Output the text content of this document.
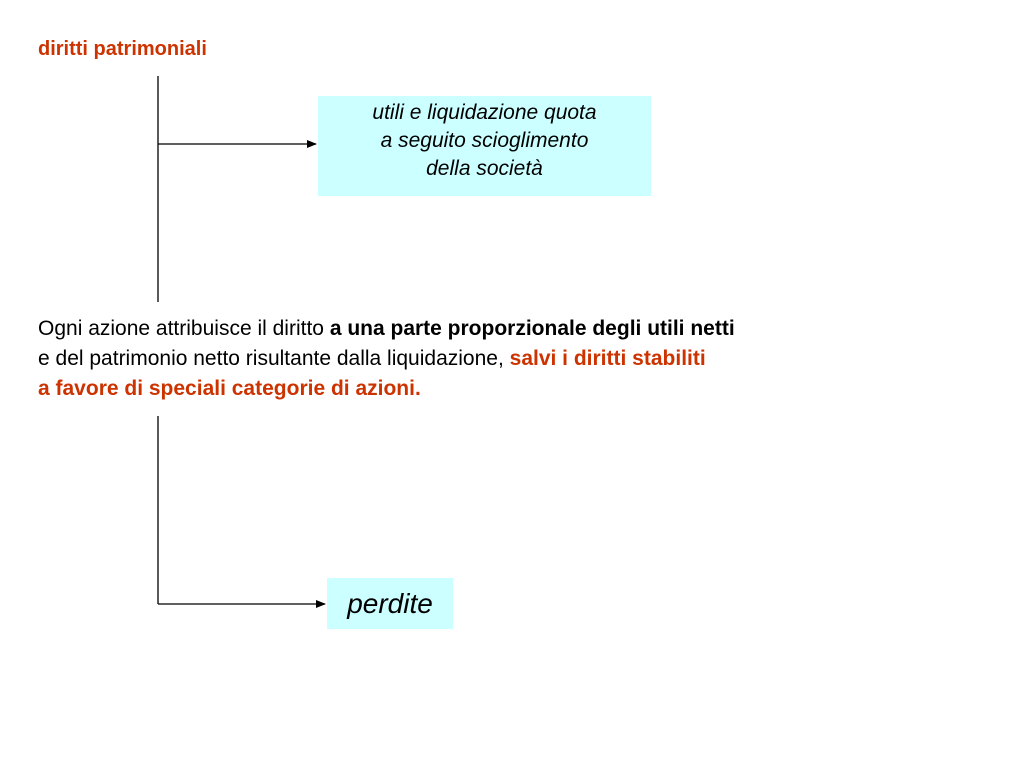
diritti patrimoniali
utili e liquidazione quota
a seguito scioglimento
della società
Ogni azione attribuisce il diritto a una parte proporzionale degli utili netti
e del patrimonio netto risultante dalla liquidazione, salvi i diritti stabiliti
a favore di speciali categorie di azioni.
perdite
